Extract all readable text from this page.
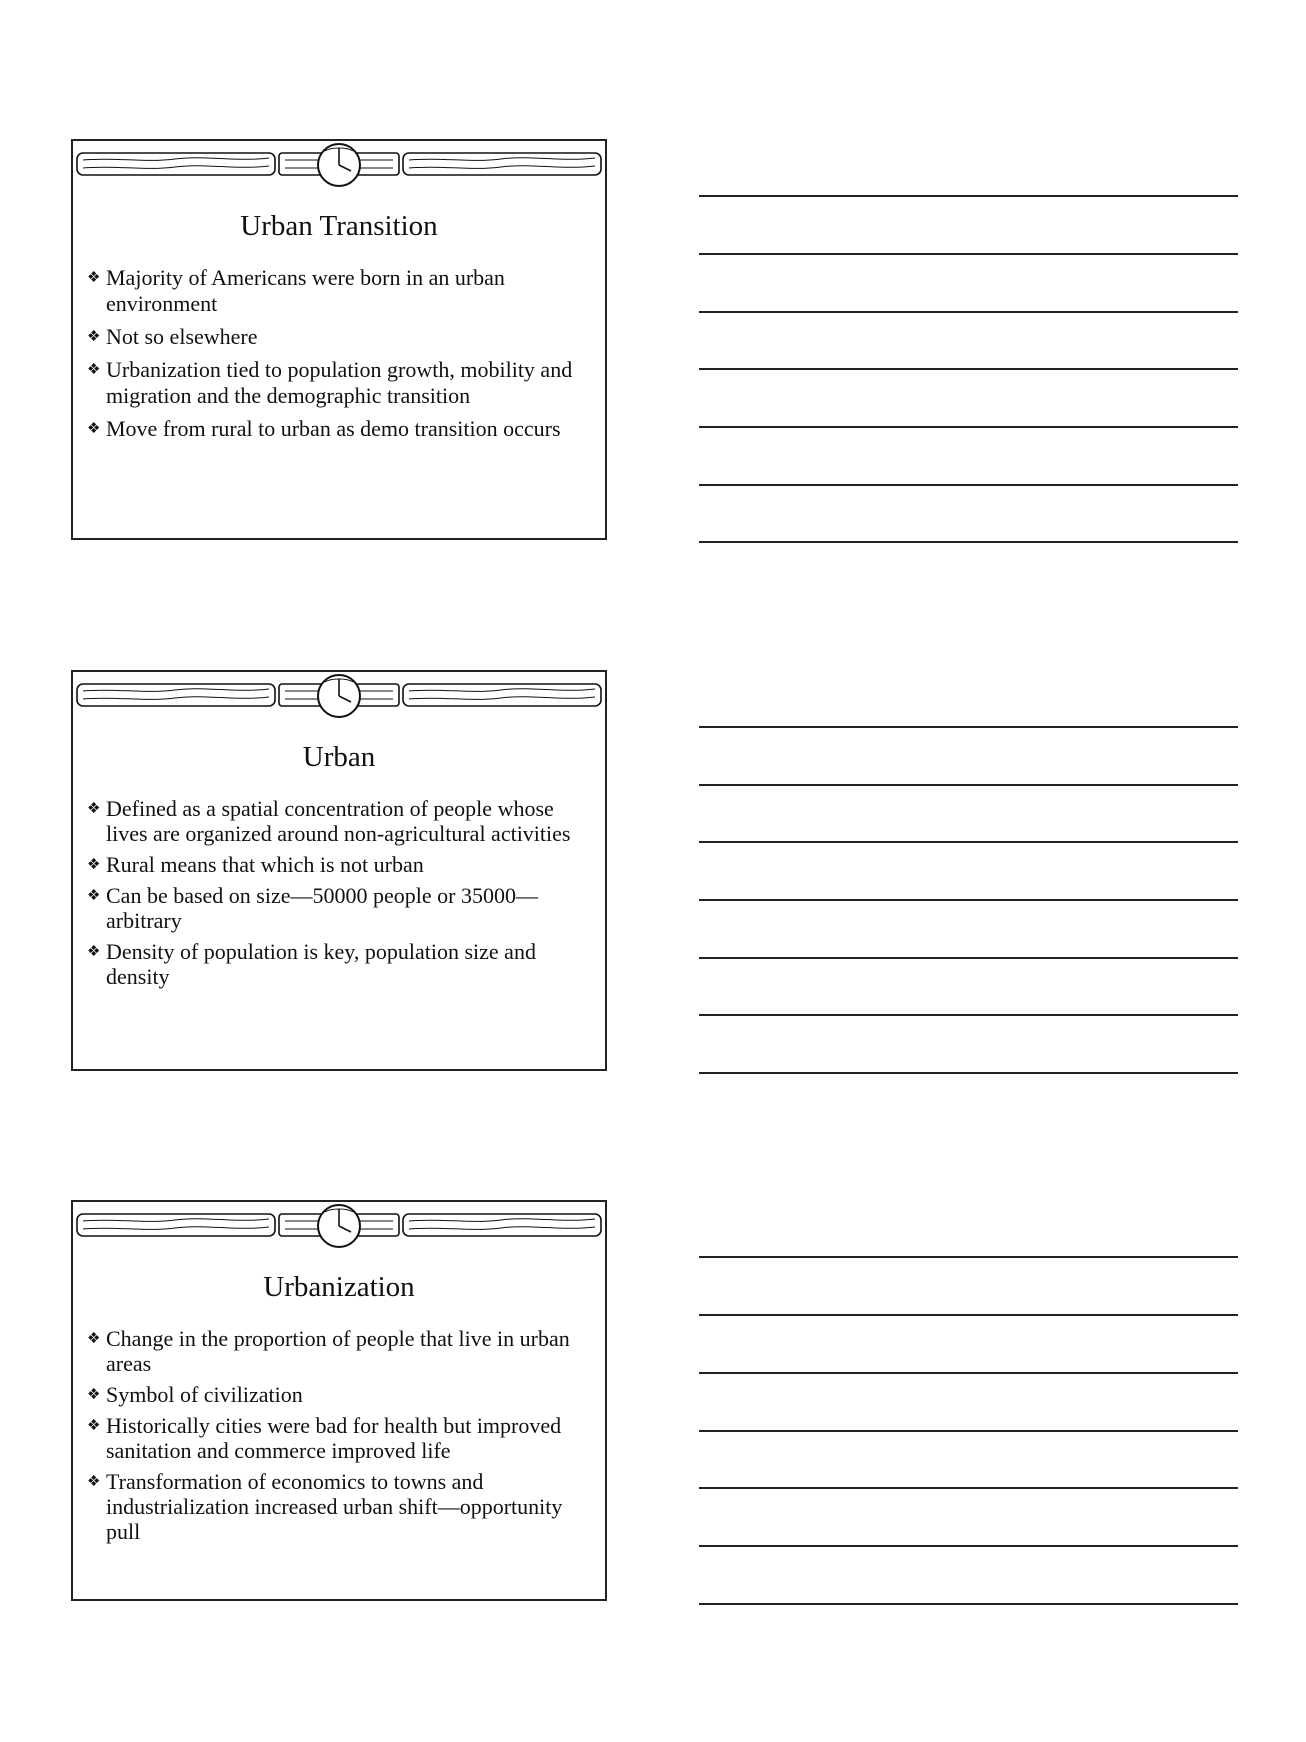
Urban Transition
❖ Majority of Americans were born in an urban environment
❖ Not so elsewhere
❖ Urbanization tied to population growth, mobility and migration and the demographic transition
❖ Move from rural to urban as demo transition occurs
Urban
❖ Defined as a spatial concentration of people whose lives are organized around non-agricultural activities
❖ Rural means that which is not urban
❖ Can be based on size—50000 people or 35000—arbitrary
❖ Density of population is key, population size and density
Urbanization
❖ Change in the proportion of people that live in urban areas
❖ Symbol of civilization
❖ Historically cities were bad for health but improved sanitation and commerce improved life
❖ Transformation of economics to towns and industrialization increased urban shift—opportunity pull
